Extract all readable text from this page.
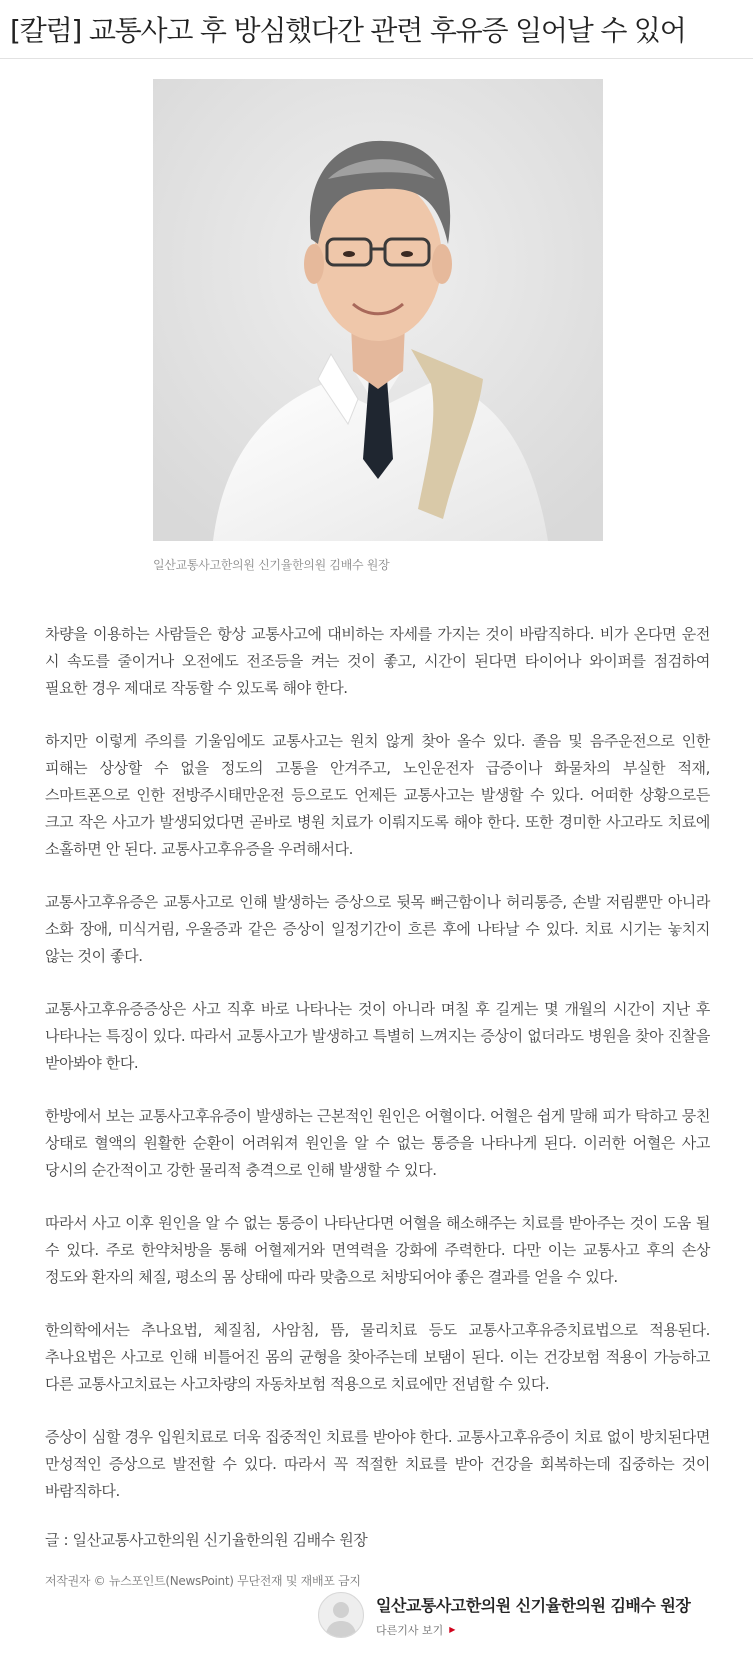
[칼럼] 교통사고 후 방심했다간 관련 후유증 일어날 수 있어
일산교통사고한의원 신기율한의원 김배수 원장

차량을 이용하는 사람들은 항상 교통사고에 대비하는 자세를 가지는 것이 바람직하다. 비가 온다면 운전 시 속도를 줄이거나 오전에도 전조등을 켜는 것이 좋고, 시간이 된다면 타이어나 와이퍼를 점검하여 필요한 경우 제대로 작동할 수 있도록 해야 한다.

하지만 이렇게 주의를 기울임에도 교통사고는 원치 않게 찾아 올수 있다. 졸음 및 음주운전으로 인한 피해는 상상할 수 없을 정도의 고통을 안겨주고, 노인운전자 급증이나 화물차의 부실한 적재, 스마트폰으로 인한 전방주시태만운전 등으로도 언제든 교통사고는 발생할 수 있다. 어떠한 상황으로든 크고 작은 사고가 발생되었다면 곧바로 병원 치료가 이뤄지도록 해야 한다. 또한 경미한 사고라도 치료에 소홀하면 안 된다. 교통사고후유증을 우려해서다.

교통사고후유증은 교통사고로 인해 발생하는 증상으로 뒷목 뻐근함이나 허리통증, 손발 저림뿐만 아니라 소화 장애, 미식거림, 우울증과 같은 증상이 일정기간이 흐른 후에 나타날 수 있다. 치료 시기는 놓치지 않는 것이 좋다.

교통사고후유증증상은 사고 직후 바로 나타나는 것이 아니라 며칠 후 길게는 몇 개월의 시간이 지난 후 나타나는 특징이 있다. 따라서 교통사고가 발생하고 특별히 느껴지는 증상이 없더라도 병원을 찾아 진찰을 받아봐야 한다.

한방에서 보는 교통사고후유증이 발생하는 근본적인 원인은 어혈이다. 어혈은 쉽게 말해 피가 탁하고 뭉친 상태로 혈액의 원활한 순환이 어려워져 원인을 알 수 없는 통증을 나타나게 된다. 이러한 어혈은 사고 당시의 순간적이고 강한 물리적 충격으로 인해 발생할 수 있다.

따라서 사고 이후 원인을 알 수 없는 통증이 나타난다면 어혈을 해소해주는 치료를 받아주는 것이 도움 될 수 있다. 주로 한약처방을 통해 어혈제거와 면역력을 강화에 주력한다. 다만 이는 교통사고 후의 손상 정도와 환자의 체질, 평소의 몸 상태에 따라 맞춤으로 처방되어야 좋은 결과를 얻을 수 있다.

한의학에서는 추나요법, 체질침, 사암침, 뜸, 물리치료 등도 교통사고후유증치료법으로 적용된다. 추나요법은 사고로 인해 비틀어진 몸의 균형을 찾아주는데 보탬이 된다. 이는 건강보험 적용이 가능하고 다른 교통사고치료는 사고차량의 자동차보험 적용으로 치료에만 전념할 수 있다.

증상이 심할 경우 입원치료로 더욱 집중적인 치료를 받아야 한다. 교통사고후유증이 치료 없이 방치된다면 만성적인 증상으로 발전할 수 있다. 따라서 꼭 적절한 치료를 받아 건강을 회복하는데 집중하는 것이 바람직하다.

글 : 일산교통사고한의원 신기율한의원 김배수 원장
저작권자 © 뉴스포인트(NewsPoint) 무단전재 및 재배포 금지
일산교통사고한의원 신기율한의원 김배수 원장
다른기사 보기 ▶
